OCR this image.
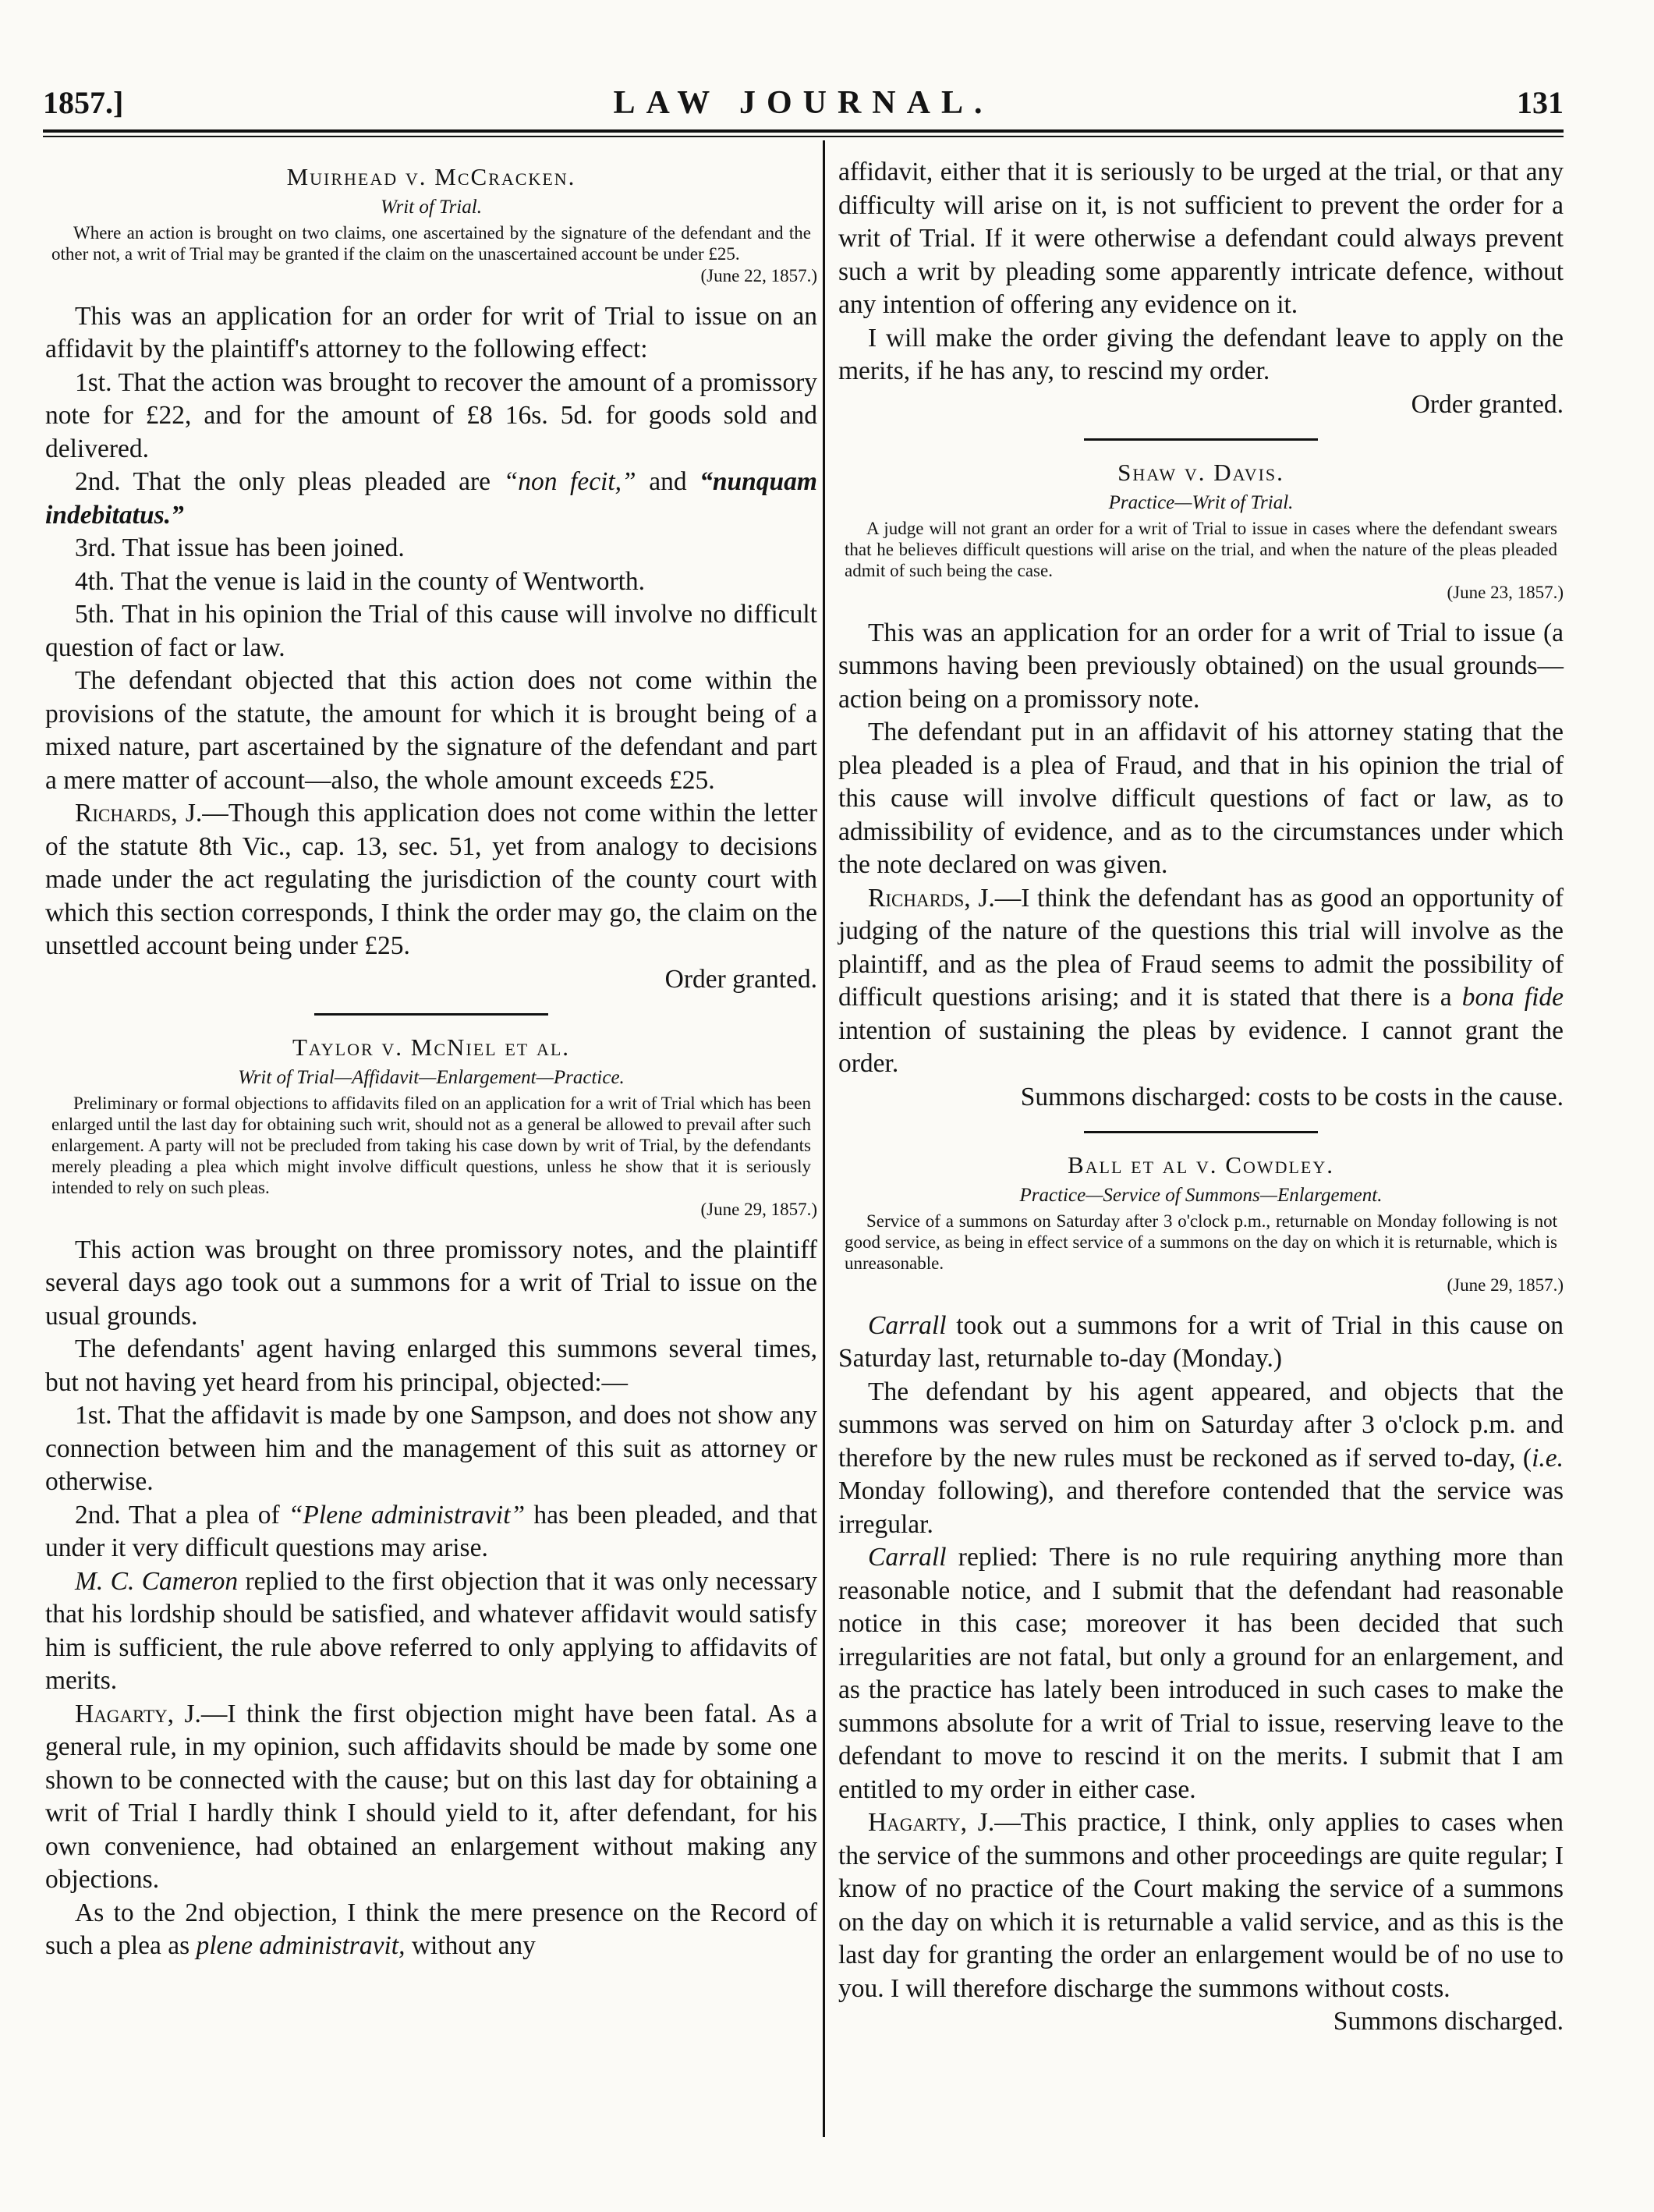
1857.]	LAW JOURNAL.	131
Muirhead v. McCracken.
Writ of Trial.
Where an action is brought on two claims, one ascertained by the signature of the defendant and the other not, a writ of Trial may be granted if the claim on the unascertained account be under £25.
(June 22, 1857.)

This was an application for an order for writ of Trial to issue on an affidavit by the plaintiff's attorney to the following effect:

1st. That the action was brought to recover the amount of a promissory note for £22, and for the amount of £8 16s. 5d. for goods sold and delivered.

2nd. That the only pleas pleaded are “non fecit,” and “nunquam indebitatus.”

3rd. That issue has been joined.

4th. That the venue is laid in the county of Wentworth.

5th. That in his opinion the Trial of this cause will involve no difficult question of fact or law.

The defendant objected that this action does not come within the provisions of the statute, the amount for which it is brought being of a mixed nature, part ascertained by the signature of the defendant and part a mere matter of account—also, the whole amount exceeds £25.

Richards, J.—Though this application does not come within the letter of the statute 8th Vic., cap. 13, sec. 51, yet from analogy to decisions made under the act regulating the jurisdiction of the county court with which this section corresponds, I think the order may go, the claim on the unsettled account being under £25.

Order granted.
Taylor v. McNiel et al.
Writ of Trial—Affidavit—Enlargement—Practice.
Preliminary or formal objections to affidavits filed on an application for a writ of Trial which has been enlarged until the last day for obtaining such writ, should not as a general be allowed to prevail after such enlargement. A party will not be precluded from taking his case down by writ of Trial, by the defendants merely pleading a plea which might involve difficult questions, unless he show that it is seriously intended to rely on such pleas.
(June 29, 1857.)

This action was brought on three promissory notes, and the plaintiff several days ago took out a summons for a writ of Trial to issue on the usual grounds.

The defendants' agent having enlarged this summons several times, but not having yet heard from his principal, objected:—

1st. That the affidavit is made by one Sampson, and does not show any connection between him and the management of this suit as attorney or otherwise.

2nd. That a plea of “Plene administravit” has been pleaded, and that under it very difficult questions may arise.

M. C. Cameron replied to the first objection that it was only necessary that his lordship should be satisfied, and whatever affidavit would satisfy him is sufficient, the rule above referred to only applying to affidavits of merits.

Hagarty, J.—I think the first objection might have been fatal. As a general rule, in my opinion, such affidavits should be made by some one shown to be connected with the cause; but on this last day for obtaining a writ of Trial I hardly think I should yield to it, after defendant, for his own convenience, had obtained an enlargement without making any objections.

As to the 2nd objection, I think the mere presence on the Record of such a plea as plene administravit, without any

affidavit, either that it is seriously to be urged at the trial, or that any difficulty will arise on it, is not sufficient to prevent the order for a writ of Trial. If it were otherwise a defendant could always prevent such a writ by pleading some apparently intricate defence, without any intention of offering any evidence on it.

I will make the order giving the defendant leave to apply on the merits, if he has any, to rescind my order.

Order granted.
Shaw v. Davis.
Practice—Writ of Trial.
A judge will not grant an order for a writ of Trial to issue in cases where the defendant swears that he believes difficult questions will arise on the trial, and when the nature of the pleas pleaded admit of such being the case.
(June 23, 1857.)

This was an application for an order for a writ of Trial to issue (a summons having been previously obtained) on the usual grounds—action being on a promissory note.

The defendant put in an affidavit of his attorney stating that the plea pleaded is a plea of Fraud, and that in his opinion the trial of this cause will involve difficult questions of fact or law, as to admissibility of evidence, and as to the circumstances under which the note declared on was given.

Richards, J.—I think the defendant has as good an opportunity of judging of the nature of the questions this trial will involve as the plaintiff, and as the plea of Fraud seems to admit the possibility of difficult questions arising; and it is stated that there is a bona fide intention of sustaining the pleas by evidence. I cannot grant the order.

Summons discharged: costs to be costs in the cause.
Ball et al v. Cowdley.
Practice—Service of Summons—Enlargement.
Service of a summons on Saturday after 3 o'clock p.m., returnable on Monday following is not good service, as being in effect service of a summons on the day on which it is returnable, which is unreasonable.
(June 29, 1857.)

Carrall took out a summons for a writ of Trial in this cause on Saturday last, returnable to-day (Monday.)

The defendant by his agent appeared, and objects that the summons was served on him on Saturday after 3 o'clock p.m. and therefore by the new rules must be reckoned as if served to-day, (i.e. Monday following), and therefore contended that the service was irregular.

Carrall replied: There is no rule requiring anything more than reasonable notice, and I submit that the defendant had reasonable notice in this case; moreover it has been decided that such irregularities are not fatal, but only a ground for an enlargement, and as the practice has lately been introduced in such cases to make the summons absolute for a writ of Trial to issue, reserving leave to the defendant to move to rescind it on the merits. I submit that I am entitled to my order in either case.

Hagarty, J.—This practice, I think, only applies to cases when the service of the summons and other proceedings are quite regular; I know of no practice of the Court making the service of a summons on the day on which it is returnable a valid service, and as this is the last day for granting the order an enlargement would be of no use to you. I will therefore discharge the summons without costs.

Summons discharged.
